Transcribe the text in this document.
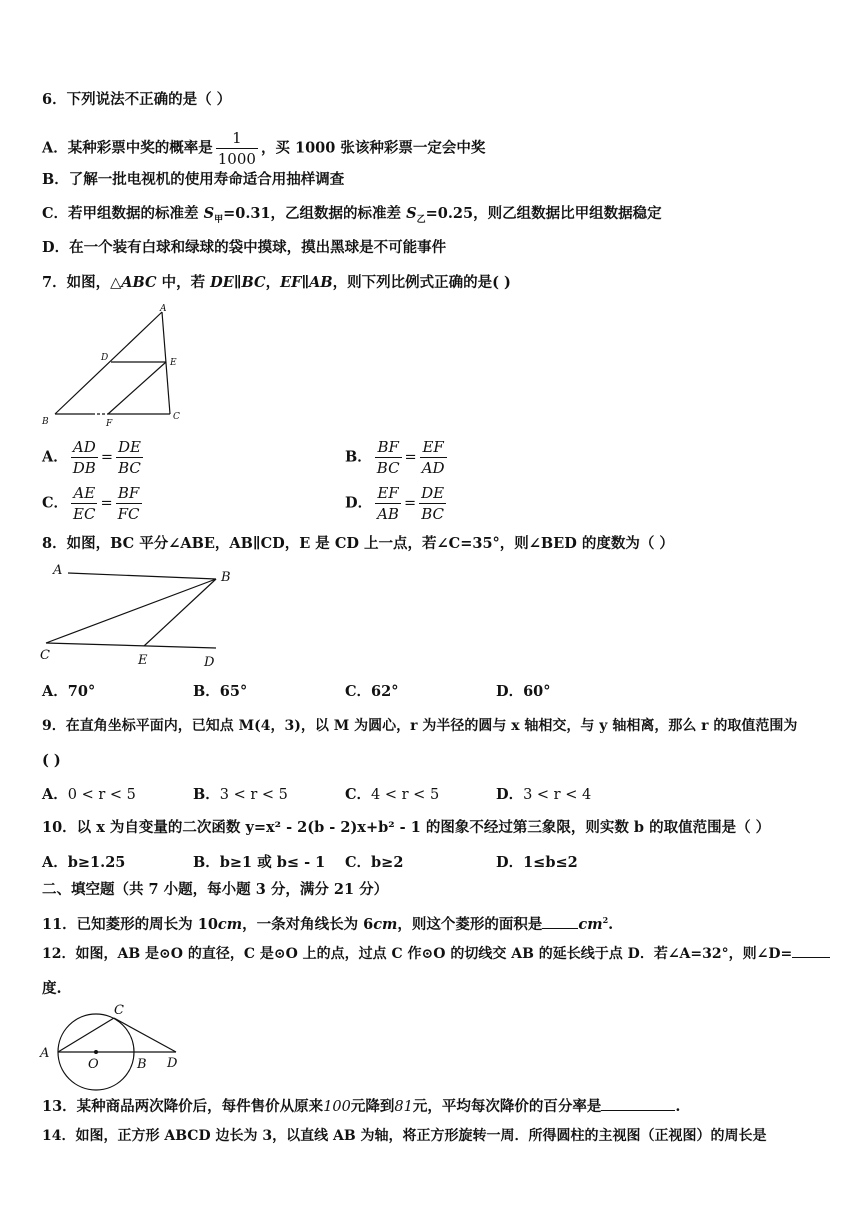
6．下列说法不正确的是（ ）
A．某种彩票中奖的概率是 $\frac{1}{1000}$ ，买 1000 张该种彩票一定会中奖
B．了解一批电视机的使用寿命适合用抽样调查
C．若甲组数据的标准差 $S_甲=0.31$，乙组数据的标准差 $S_乙=0.25$，则乙组数据比甲组数据稳定
D．在一个装有白球和绿球的袋中摸球，摸出黑球是不可能事件
7．如图，△ABC 中，若 DE∥BC，EF∥AB，则下列比例式正确的是( )
A
B	C
D	E
F
A． $\frac{AD}{DB} = \frac{DE}{BC}$	B． $\frac{BF}{BC} = \frac{EF}{AD}$
C． $\frac{AE}{EC} = \frac{BF}{FC}$	D． $\frac{EF}{AB} = \frac{DE}{BC}$
8．如图，BC 平分∠ABE，AB∥CD，E 是 CD 上一点，若∠C=35°，则∠BED 的度数为（ ）
A	B
C	E	D
A．70°	B．65°	C．62°	D．60°
9．在直角坐标平面内，已知点 M(4，3)，以 M 为圆心，r 为半径的圆与 x 轴相交，与 y 轴相离，那么 r 的取值范围为
( )
A．0 < r < 5	B．3 < r < 5	C．4 < r < 5	D．3 < r < 4
10．以 x 为自变量的二次函数 y=x² - 2(b - 2)x+b² - 1 的图象不经过第三象限，则实数 b 的取值范围是（ ）
A．b≥1.25	B．b≥1 或 b≤ - 1 C．b≥2	D．1≤b≤2
二、填空题（共 7 小题，每小题 3 分，满分 21 分）
11．已知菱形的周长为 10cm，一条对角线长为 6cm，则这个菱形的面积是 $cm^2$.
12．如图，AB 是⊙O 的直径，C 是⊙O 上的点，过点 C 作⊙O 的切线交 AB 的延长线于点 D．若∠A=32°，则∠D=
度.
A
O	B
C
D
13．某种商品两次降价后，每件售价从原来100元降到81元，平均每次降价的百分率是	.
14．如图，正方形 ABCD 边长为 3，以直线 AB 为轴，将正方形旋转一周．所得圆柱的主视图（正视图）的周长是
